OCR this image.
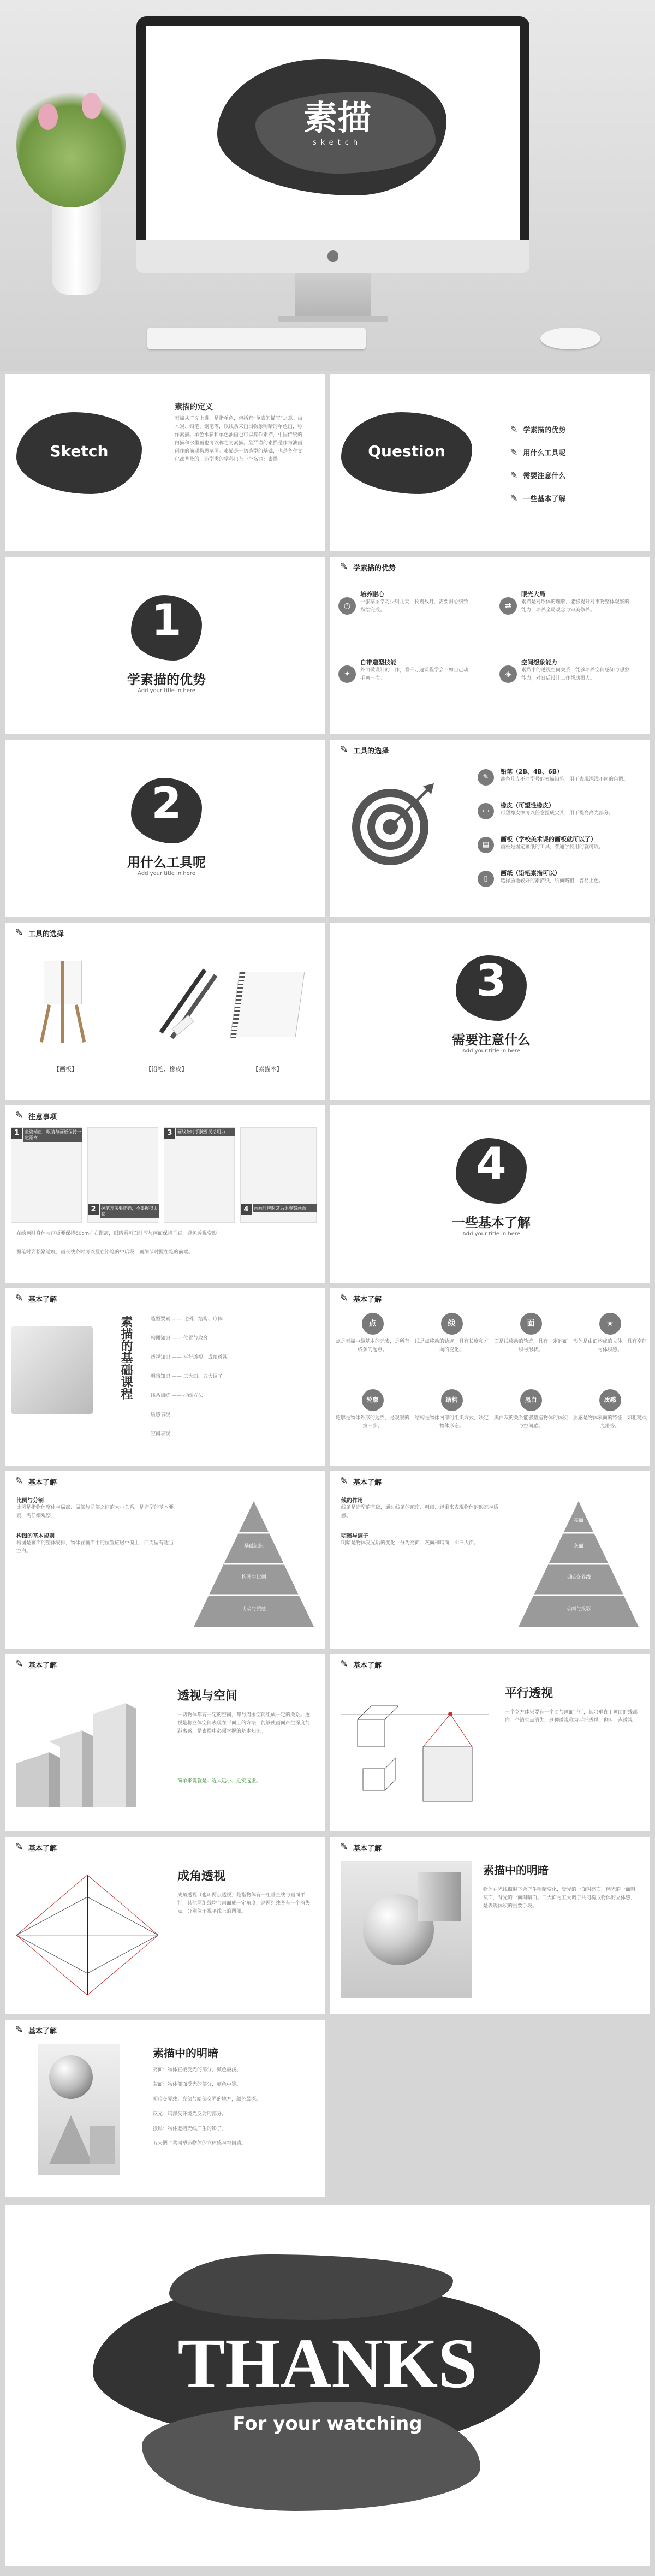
素描
sketch
Sketch
素描的定义
素描从广义上讲，是指单色，包括有“单素的描写”之意。由木炭、铅笔、钢笔等，以线条来画出物象明暗的单色画，称作素描。单色水彩和单色油画也可以算作素描，中国传统的白描和水墨画也可以称之为素描。最严谨的素描是作为油画创作的前期构思草图。素描是一切造型的基础，也是各种文化都普及的，造型类的学科只有一个名词：素描。	Question
✎ 学素描的优势
✎ 用什么工具呢
✎ 需要注意什么
✎ 一些基本了解
1
学素描的优势
Add your title in here
✎ 学素描的优势
◷
培养耐心
一张草图学习少则几天，长则数月，需要耐心细致描绘完成。	⇄
眼光大局
素描是对形体的理解，能够提升对事物整体观察的能力，培养全局观念与审美修养。
✦
自带造型技能
外面做设计的工作，看千万遍课程学会不如自己动手画一次。	◈
空间想象能力
素描中的透视空间关系，能够培养空间感知与想象能力，对日后设计工作帮助很大。
2
用什么工具呢
Add your title in here
✎ 工具的选择
✎
铅笔（2B、4B、6B）
准备几支不同型号的素描铅笔，用于表现深浅不同的色调。
▭
橡皮（可塑性橡皮）
可塑橡皮擦可以任意捏成尖头，用于提亮高光部分。
▤
画板（学校美术课的画板就可以了）
画板是固定画纸的工具，普通学校用的就可以。
▯
画纸（铅笔素描可以）
选择质地较好的素描纸，纸面略粗，容易上色。
✎ 工具的选择
【画板】	【铅笔、橡皮】	【素描本】
3
需要注意什么
Add your title in here
✎ 注意事项
1	坐姿端正，眼睛与画板保持一定距离
2	握笔方法要正确，不要握得太紧
3	画线条时手腕要灵活用力
4	画画时应时常后退观察画面
在绘画时身体与画板要保持60cm左右距离，眼睛看画面时应与画面保持垂直，避免透视变形。
握笔时要松紧适度，画长线条时可以握在铅笔的中后段，画细节时握在笔的前端。
4
一些基本了解
Add your title in here
✎ 基本了解
素描的基础课程	造型要素 —— 比例、结构、形体
构图知识 —— 位置与取舍
透视知识 —— 平行透视、成角透视
明暗知识 —— 三大面、五大调子
线条训练 —— 排线方法
质感表现
空间表现
✎ 基本了解
点
点是素描中最基本的元素，是所有线条的起点。
线
线是点移动的轨迹，具有长度和方向的变化。
面
面是线移动的轨迹，具有一定的面积与形状。
★
形体是由面构成的立体，具有空间与体积感。
轮廓
轮廓是物体外形的边界，是观察的第一步。
结构
结构是物体内部的组织方式，决定物体形态。
黑白
黑白灰的关系能够塑造物体的体积与空间感。
质感
质感是物体表面的特征，如粗糙或光滑等。
✎ 基本了解
比例与分割
比例是指物体整体与局部、局部与局部之间的大小关系，是造型的基本要素，需仔细观察。
构图的基本规则
构图是画面的整体安排，物体在画面中的位置应居中偏上，四周留有适当空白。
基础知识
构图与比例
明暗与质感
✎ 基本了解
线的作用
线条是造型的基础，通过线条的疏密、粗细、轻重来表现物体的形态与质感。
明暗与调子
明暗是物体受光后的变化，分为亮面、灰面和暗面，即三大面。
亮面
灰面
明暗交界线
暗面与投影
✎ 基本了解
透视与空间
一切物体都有一定的空间，都与周围空间组成一定的关系。透视是将立体空间表现在平面上的方法，能够使画面产生深度与距离感，是素描中必须掌握的基本知识。
简单来说就是：近大远小、近实远虚。
✎ 基本了解
平行透视
一个立方体只要有一个面与画面平行，其余垂直于画面的线都向一个消失点消失，这种透视称为平行透视，也叫一点透视。
✎ 基本了解
成角透视
成角透视（也叫两点透视）是指物体有一组垂直线与画面平行，其他两组线均与画面成一定角度，这两组线各有一个消失点，分别位于视平线上的两侧。
✎ 基本了解
素描中的明暗
物体在光线照射下会产生明暗变化，受光的一面叫亮面，侧光的一面叫灰面，背光的一面叫暗面。三大面与五大调子共同构成物体的立体感，是表现体积的重要手段。
✎ 基本了解
素描中的明暗
亮面：物体直接受光的部分，颜色最浅。
灰面：物体侧面受光的部分，颜色中等。
明暗交界线：亮部与暗部交界的地方，颜色最深。
反光：暗部受环境光反射的部分。
投影：物体遮挡光线产生的影子。
五大调子共同塑造物体的立体感与空间感。
THANKS
For your watching
